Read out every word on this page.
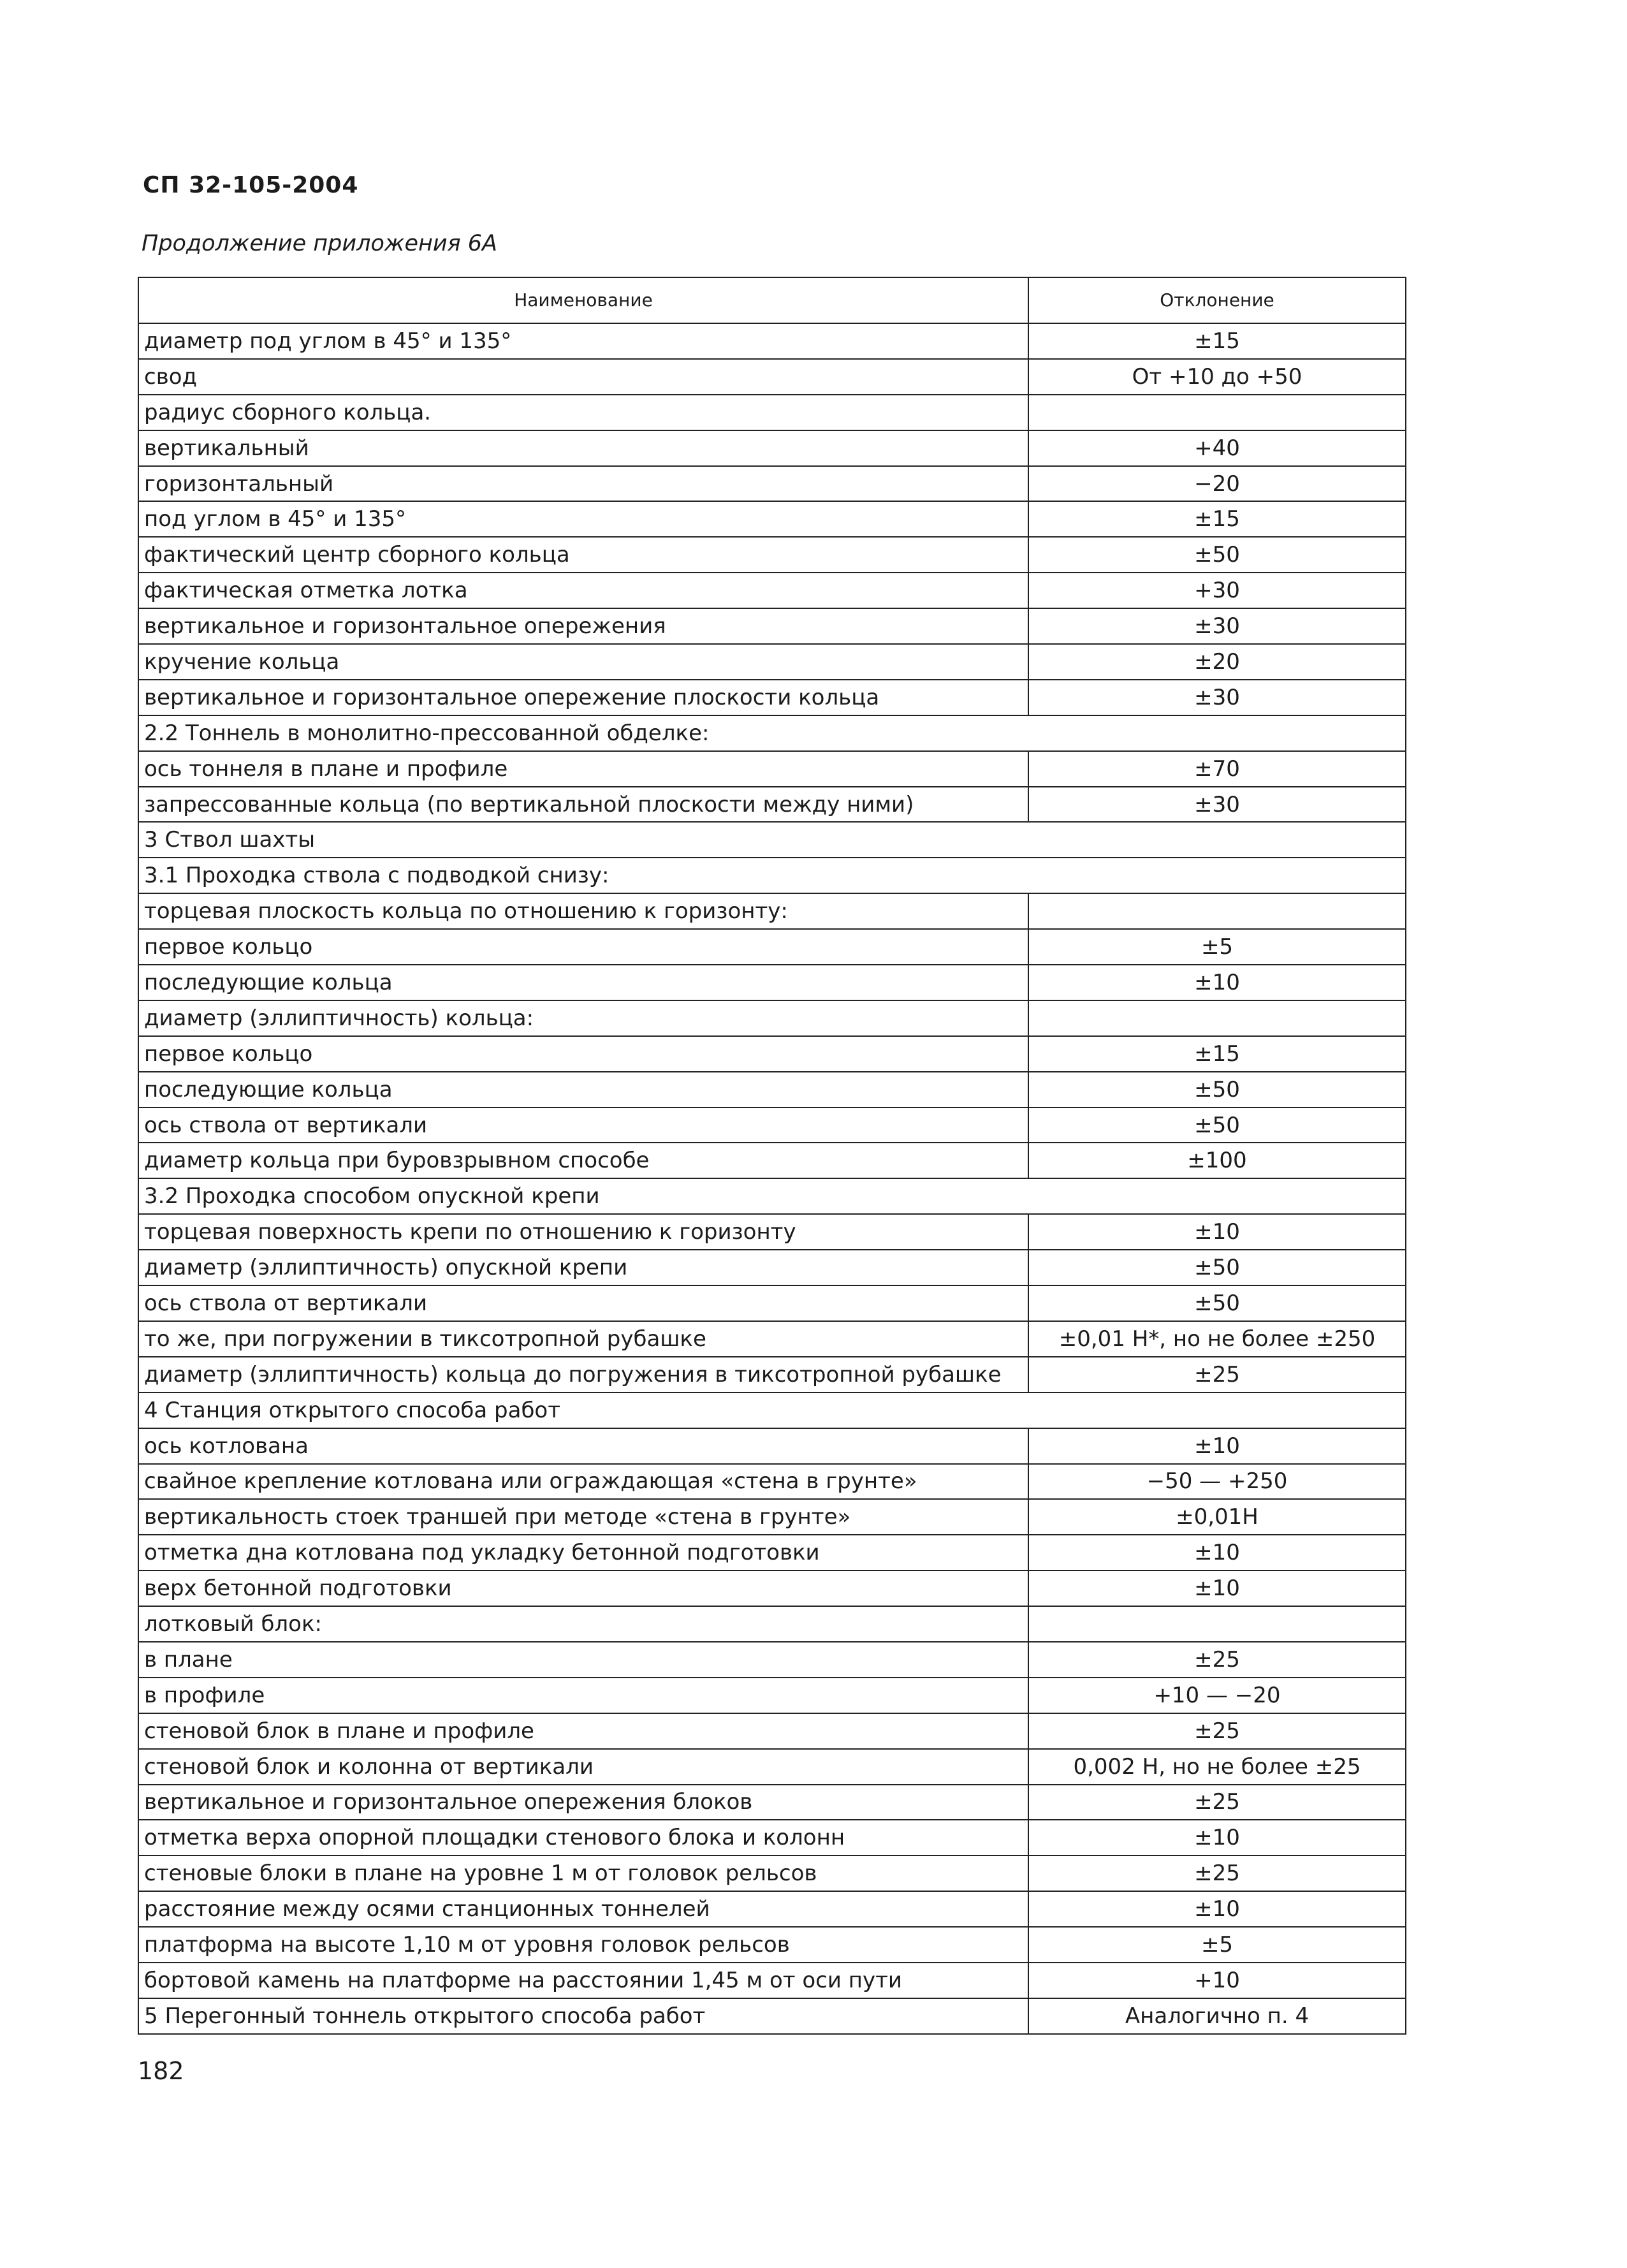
СП 32-105-2004
Продолжение приложения 6А
Наименование	Отклонение
диаметр под углом в 45° и 135°	±15
свод	От +10 до +50
радиус сборного кольца.	
вертикальный	+40
горизонтальный	−20
под углом в 45° и 135°	±15
фактический центр сборного кольца	±50
фактическая отметка лотка	+30
вертикальное и горизонтальное опережения	±30
кручение кольца	±20
вертикальное и горизонтальное опережение плоскости кольца	±30
2.2 Тоннель в монолитно-прессованной обделке:	
ось тоннеля в плане и профиле	±70
запрессованные кольца (по вертикальной плоскости между ними)	±30
3 Ствол шахты	
3.1 Проходка ствола с подводкой снизу:	
торцевая плоскость кольца по отношению к горизонту:	
первое кольцо	±5
последующие кольца	±10
диаметр (эллиптичность) кольца:	
первое кольцо	±15
последующие кольца	±50
ось ствола от вертикали	±50
диаметр кольца при буровзрывном способе	±100
3.2 Проходка способом опускной крепи	
торцевая поверхность крепи по отношению к горизонту	±10
диаметр (эллиптичность) опускной крепи	±50
ось ствола от вертикали	±50
то же, при погружении в тиксотропной рубашке	±0,01 H*, но не более ±250
диаметр (эллиптичность) кольца до погружения в тиксотропной рубашке	±25
4 Станция открытого способа работ	
ось котлована	±10
свайное крепление котлована или ограждающая «стена в грунте»	−50 — +250
вертикальность стоек траншей при методе «стена в грунте»	±0,01H
отметка дна котлована под укладку бетонной подготовки	±10
верх бетонной подготовки	±10
лотковый блок:	
в плане	±25
в профиле	+10 — −20
стеновой блок в плане и профиле	±25
стеновой блок и колонна от вертикали	0,002 H, но не более ±25
вертикальное и горизонтальное опережения блоков	±25
отметка верха опорной площадки стенового блока и колонн	±10
стеновые блоки в плане на уровне 1 м от головок рельсов	±25
расстояние между осями станционных тоннелей	±10
платформа на высоте 1,10 м от уровня головок рельсов	±5
бортовой камень на платформе на расстоянии 1,45 м от оси пути	+10
5 Перегонный тоннель открытого способа работ	Аналогично п. 4
182
